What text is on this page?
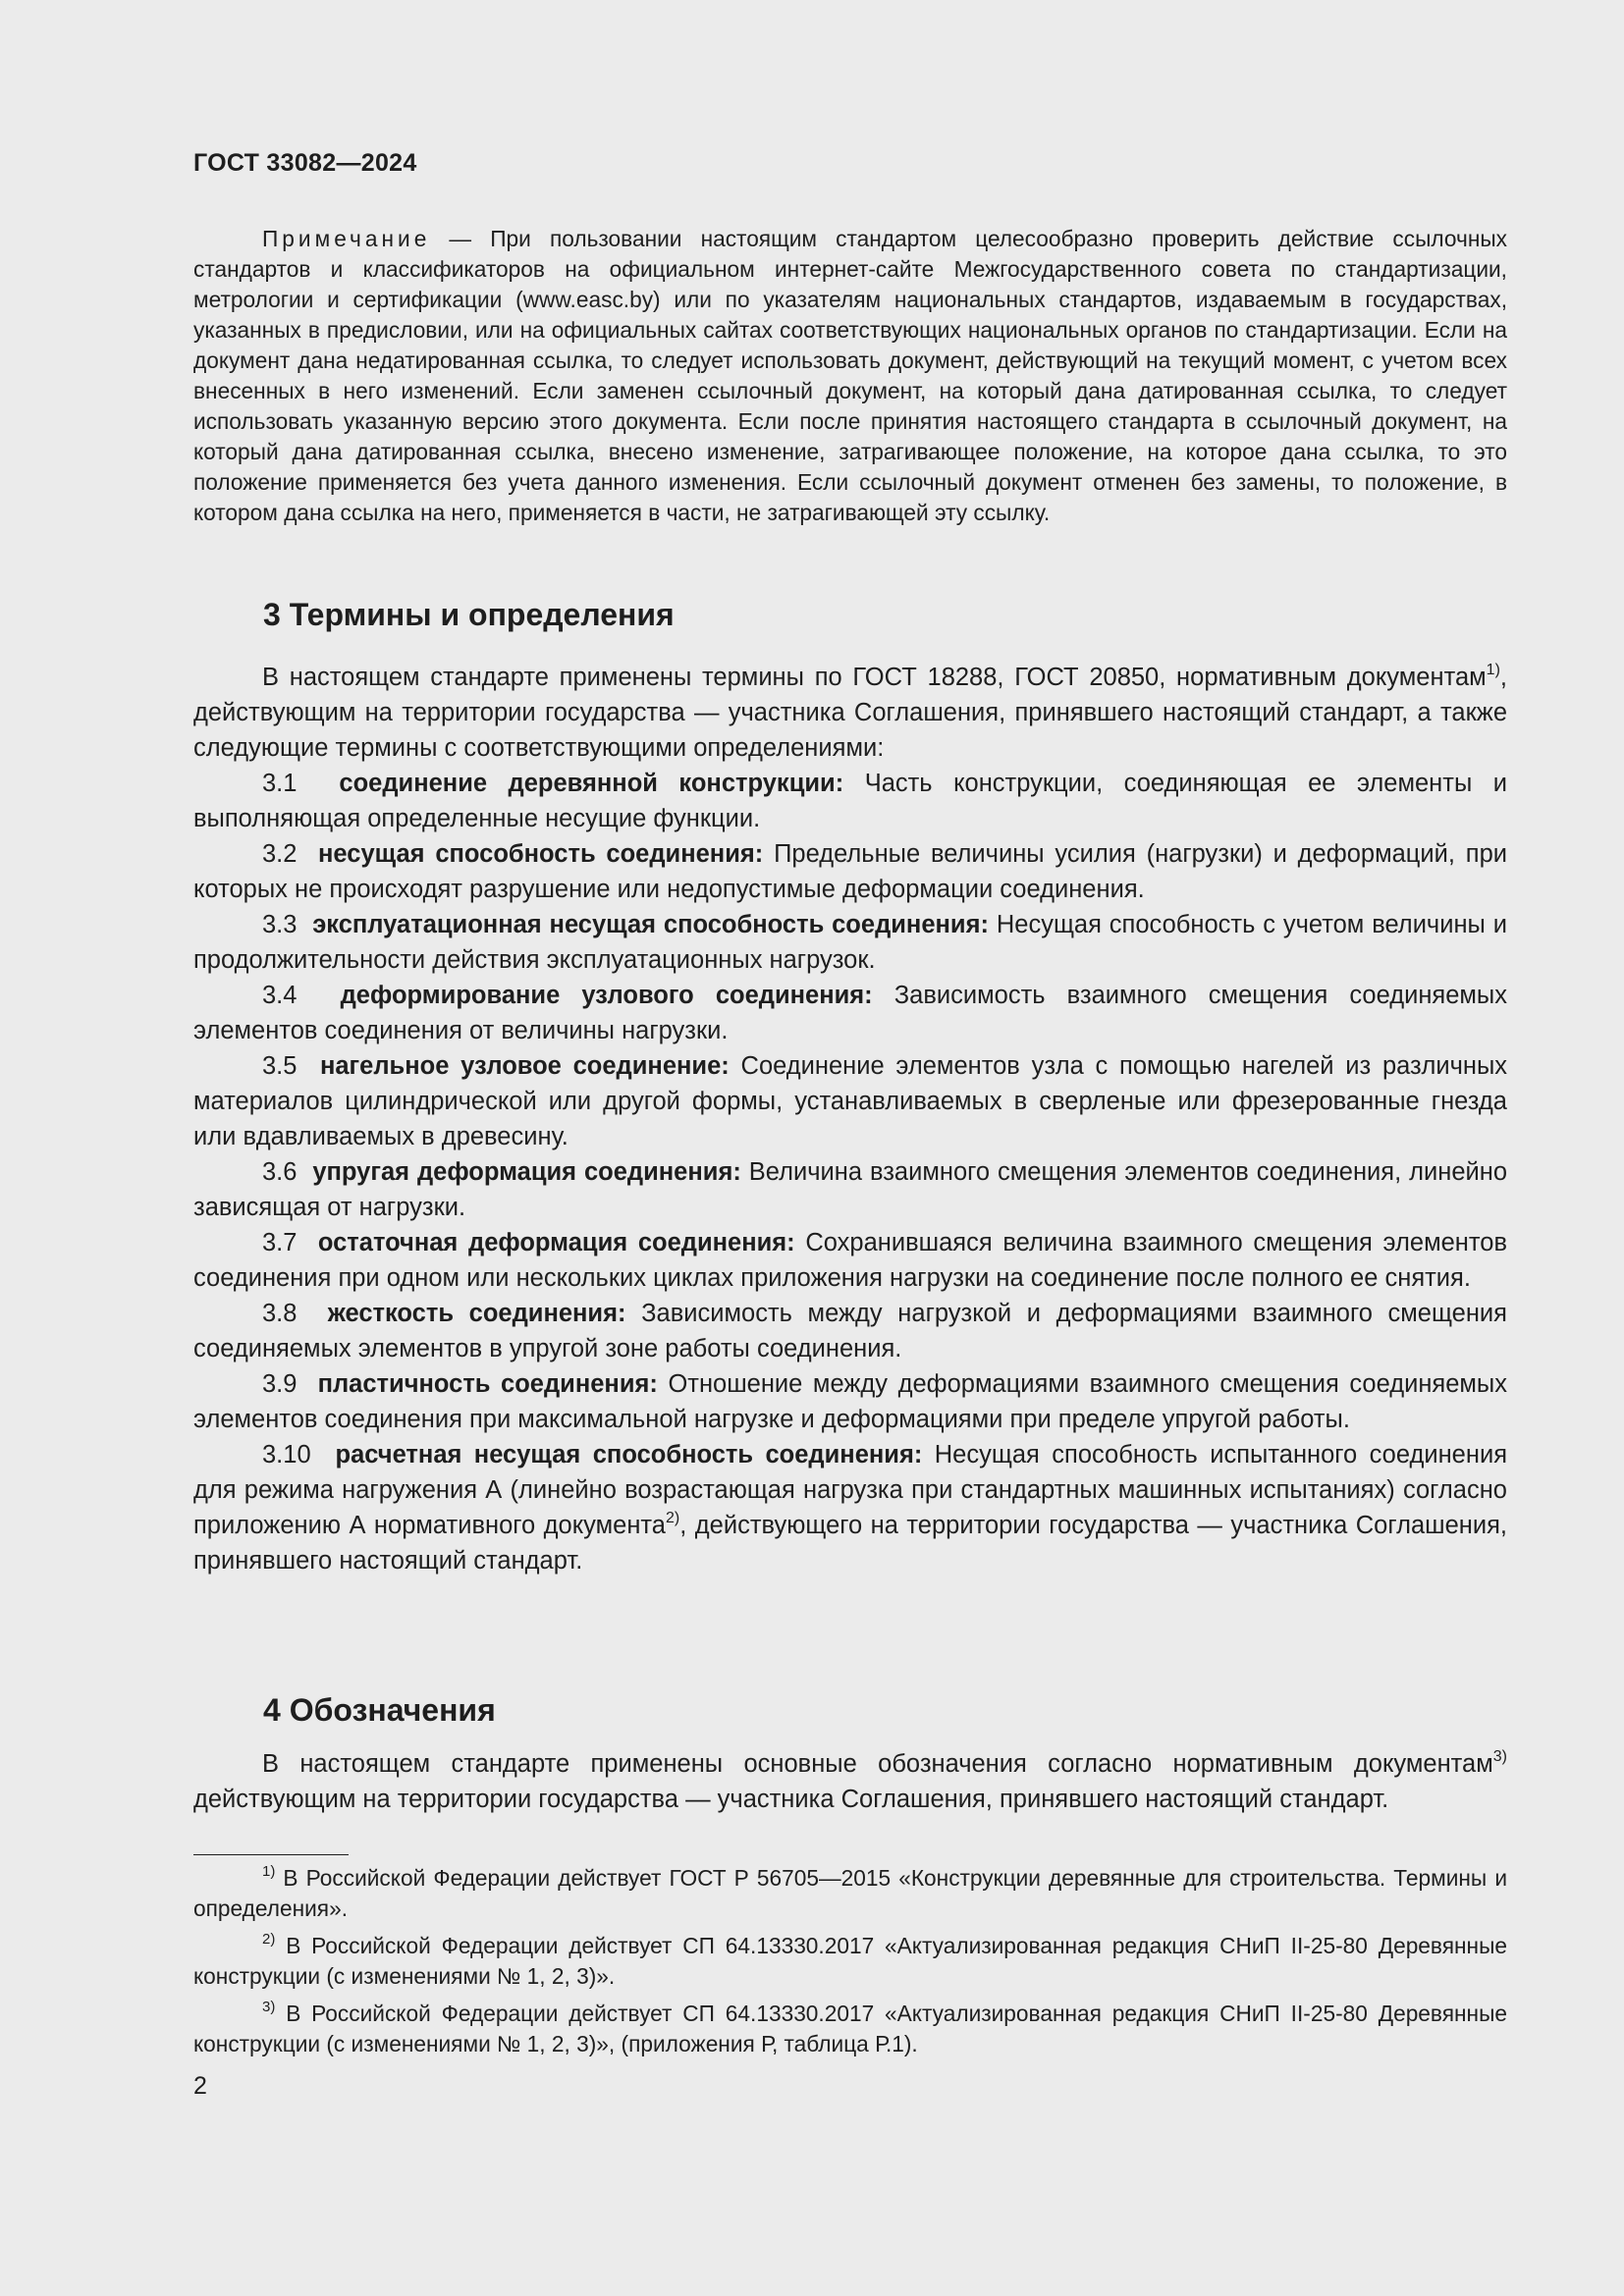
ГОСТ 33082—2024
Примечание — При пользовании настоящим стандартом целесообразно проверить действие ссылочных стандартов и классификаторов на официальном интернет-сайте Межгосударственного совета по стандартизации, метрологии и сертификации (www.easc.by) или по указателям национальных стандартов, издаваемым в государствах, указанных в предисловии, или на официальных сайтах соответствующих национальных органов по стандартизации. Если на документ дана недатированная ссылка, то следует использовать документ, действующий на текущий момент, с учетом всех внесенных в него изменений. Если заменен ссылочный документ, на который дана датированная ссылка, то следует использовать указанную версию этого документа. Если после принятия настоящего стандарта в ссылочный документ, на который дана датированная ссылка, внесено изменение, затрагивающее положение, на которое дана ссылка, то это положение применяется без учета данного изменения. Если ссылочный документ отменен без замены, то положение, в котором дана ссылка на него, применяется в части, не затрагивающей эту ссылку.
3 Термины и определения

В настоящем стандарте применены термины по ГОСТ 18288, ГОСТ 20850, нормативным документам$^{1)}$, действующим на территории государства — участника Соглашения, принявшего настоящий стандарт, а также следующие термины с соответствующими определениями:

3.1 соединение деревянной конструкции: Часть конструкции, соединяющая ее элементы и выполняющая определенные несущие функции.

3.2 несущая способность соединения: Предельные величины усилия (нагрузки) и деформаций, при которых не происходят разрушение или недопустимые деформации соединения.

3.3 эксплуатационная несущая способность соединения: Несущая способность с учетом величины и продолжительности действия эксплуатационных нагрузок.

3.4 деформирование узлового соединения: Зависимость взаимного смещения соединяемых элементов соединения от величины нагрузки.

3.5 нагельное узловое соединение: Соединение элементов узла с помощью нагелей из различных материалов цилиндрической или другой формы, устанавливаемых в сверленые или фрезерованные гнезда или вдавливаемых в древесину.

3.6 упругая деформация соединения: Величина взаимного смещения элементов соединения, линейно зависящая от нагрузки.

3.7 остаточная деформация соединения: Сохранившаяся величина взаимного смещения элементов соединения при одном или нескольких циклах приложения нагрузки на соединение после полного ее снятия.

3.8 жесткость соединения: Зависимость между нагрузкой и деформациями взаимного смещения соединяемых элементов в упругой зоне работы соединения.

3.9 пластичность соединения: Отношение между деформациями взаимного смещения соединяемых элементов соединения при максимальной нагрузке и деформациями при пределе упругой работы.

3.10 расчетная несущая способность соединения: Несущая способность испытанного соединения для режима нагружения А (линейно возрастающая нагрузка при стандартных машинных испытаниях) согласно приложению А нормативного документа$^{2)}$, действующего на территории государства — участника Соглашения, принявшего настоящий стандарт.

4 Обозначения

В настоящем стандарте применены основные обозначения согласно нормативным документам$^{3)}$ действующим на территории государства — участника Соглашения, принявшего настоящий стандарт.

$^{1)}$ В Российской Федерации действует ГОСТ Р 56705—2015 «Конструкции деревянные для строительства. Термины и определения».

$^{2)}$ В Российской Федерации действует СП 64.13330.2017 «Актуализированная редакция СНиП II-25-80 Деревянные конструкции (с изменениями № 1, 2, 3)».

$^{3)}$ В Российской Федерации действует СП 64.13330.2017 «Актуализированная редакция СНиП II-25-80 Деревянные конструкции (с изменениями № 1, 2, 3)», (приложения Р, таблица Р.1).

2
